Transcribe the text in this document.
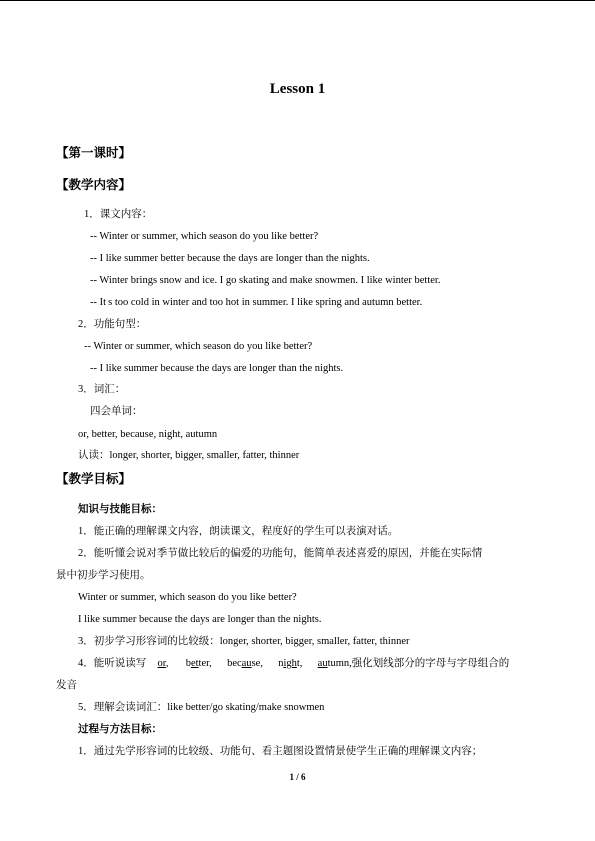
Lesson 1
【第一课时】
【教学内容】
1．课文内容：
-- Winter or summer, which season do you like better?
-- I like summer better because the days are longer than the nights.
-- Winter brings snow and ice. I go skating and make snowmen. I like winter better.
-- It s too cold in winter and too hot in summer. I like spring and autumn better.
2．功能句型：
-- Winter or summer, which season do you like better?
-- I like summer because the days are longer than the nights.
3．词汇：
四会单词：
or, better, because, night, autumn
认读：longer, shorter, bigger, smaller, fatter, thinner
【教学目标】
知识与技能目标：
1．能正确的理解课文内容，朗读课文，程度好的学生可以表演对话。
2．能听懂会说对季节做比较后的偏爱的功能句，能简单表述喜爱的原因，并能在实际情
景中初步学习使用。
Winter or summer, which season do you like better?
I like summer because the days are longer than the nights.
3．初步学习形容词的比较级：longer, shorter, bigger, smaller, fatter, thinner
4．能听说读写 or, better, because, night, autumn,强化划线部分的字母与字母组合的
发音
5．理解会读词汇：like better/go skating/make snowmen
过程与方法目标：
1．通过先学形容词的比较级、功能句、看主题图设置情景使学生正确的理解课文内容；
1 / 6
